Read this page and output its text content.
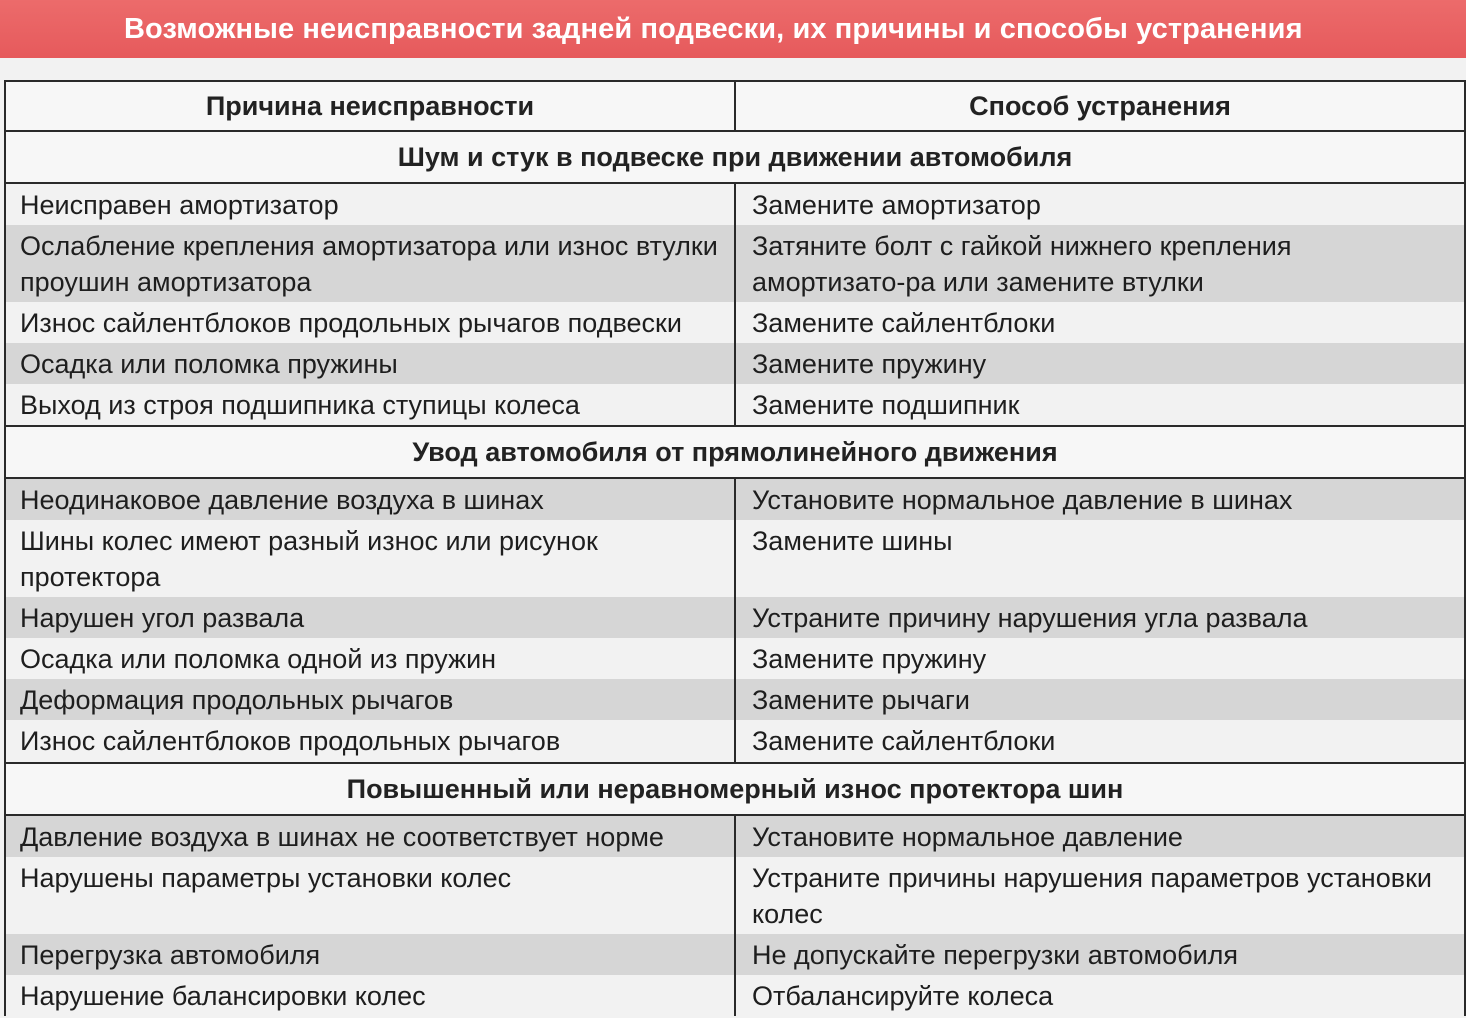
Возможные неисправности задней подвески, их причины и способы устранения
Причина неисправности	Способ устранения
Шум и стук в подвеске при движении автомобиля	
Неисправен амортизатор	Замените амортизатор
Ослабление крепления амортизатора или износ втулки проушин амортизатора	Затяните болт с гайкой нижнего крепления амортизато-ра или замените втулки
Износ сайлентблоков продольных рычагов подвески	Замените сайлентблоки
Осадка или поломка пружины	Замените пружину
Выход из строя подшипника ступицы колеса	Замените подшипник
Увод автомобиля от прямолинейного движения	
Неодинаковое давление воздуха в шинах	Установите нормальное давление в шинах
Шины колес имеют разный износ или рисунок протектора	Замените шины
Нарушен угол развала	Устраните причину нарушения угла развала
Осадка или поломка одной из пружин	Замените пружину
Деформация продольных рычагов	Замените рычаги
Износ сайлентблоков продольных рычагов	Замените сайлентблоки
Повышенный или неравномерный износ протектора шин	
Давление воздуха в шинах не соответствует норме	Установите нормальное давление
Нарушены параметры установки колес	Устраните причины нарушения параметров установки колес
Перегрузка автомобиля	Не допускайте перегрузки автомобиля
Нарушение балансировки колес	Отбалансируйте колеса
